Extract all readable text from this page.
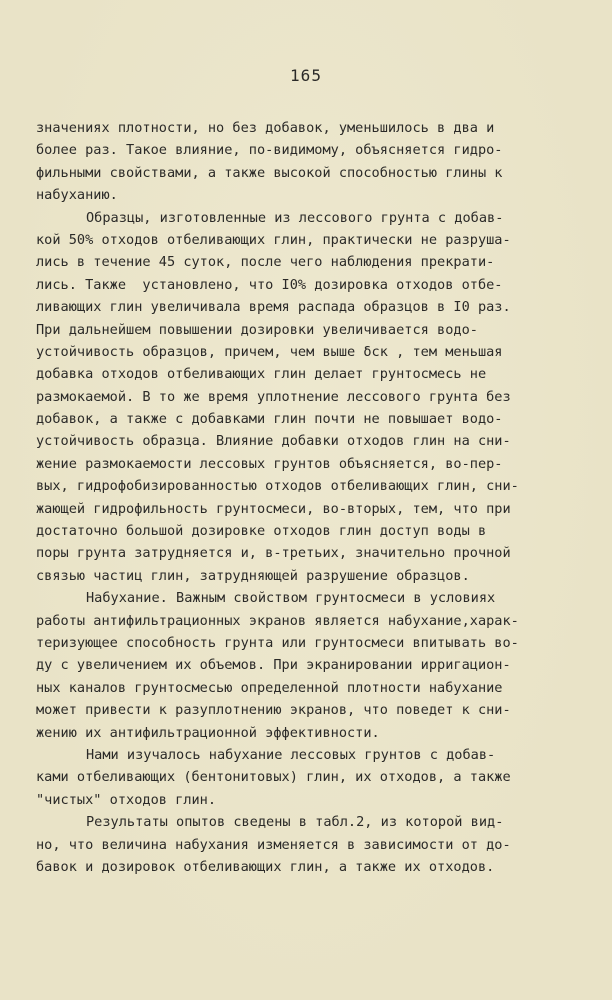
165
значениях плотности, но без добавок, уменьшилось в два и
более раз. Такое влияние, по-видимому, объясняется гидро-
фильными свойствами, а также высокой способностью глины к
набуханию.
Образцы, изготовленные из лессового грунта с добав-
кой 50% отходов отбеливающих глин, практически не разруша-
лись в течение 45 суток, после чего наблюдения прекрати-
лись. Также  установлено, что I0% дозировка отходов отбе-
ливающих глин увеличивала время распада образцов в I0 раз.
При дальнейшем повышении дозировки увеличивается водо-
устойчивость образцов, причем, чем выше δск , тем меньшая
добавка отходов отбеливающих глин делает грунтосмесь не
размокаемой. В то же время уплотнение лессового грунта без
добавок, а также с добавками глин почти не повышает водо-
устойчивость образца. Влияние добавки отходов глин на сни-
жение размокаемости лессовых грунтов объясняется, во-пер-
вых, гидрофобизированностью отходов отбеливающих глин, сни-
жающей гидрофильность грунтосмеси, во-вторых, тем, что при
достаточно большой дозировке отходов глин доступ воды в
поры грунта затрудняется и, в-третьих, значительно прочной
связью частиц глин, затрудняющей разрушение образцов.
Набухание. Важным свойством грунтосмеси в условиях
работы антифильтрационных экранов является набухание,харак-
теризующее способность грунта или грунтосмеси впитывать во-
ду с увеличением их объемов. При экранировании ирригацион-
ных каналов грунтосмесью определенной плотности набухание
может привести к разуплотнению экранов, что поведет к сни-
жению их антифильтрационной эффективности.
Нами изучалось набухание лессовых грунтов с добав-
ками отбеливающих (бентонитовых) глин, их отходов, а также
"чистых" отходов глин.
Результаты опытов сведены в табл.2, из которой вид-
но, что величина набухания изменяется в зависимости от до-
бавок и дозировок отбеливающих глин, а также их отходов.
